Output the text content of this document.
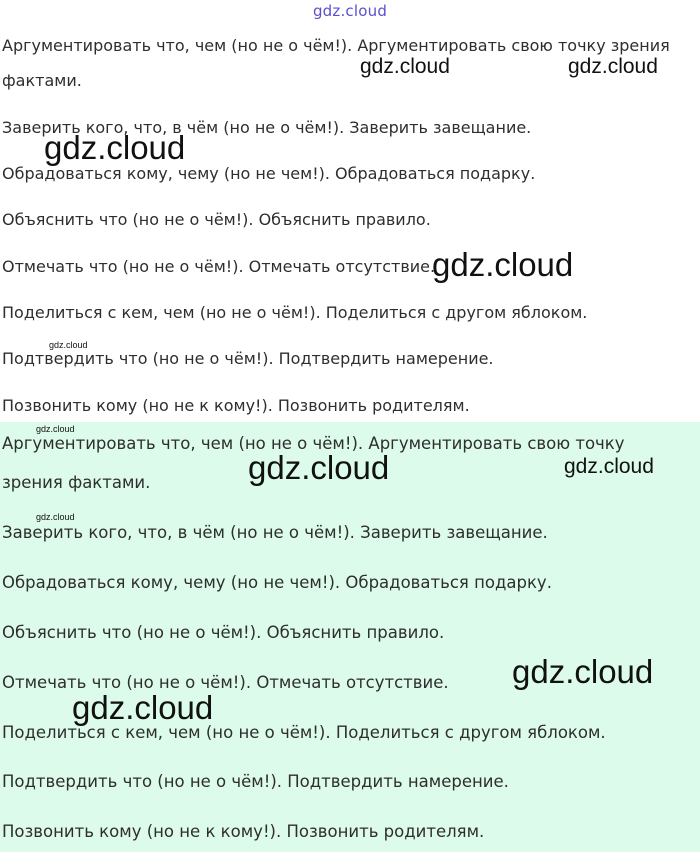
Аргументировать что, чем (но не о чём!). Аргументировать свою точку зрения
фактами.
Заверить кого, что, в чём (но не о чём!). Заверить завещание.
Обрадоваться кому, чему (но не чем!). Обрадоваться подарку.
Объяснить что (но не о чём!). Объяснить правило.
Отмечать что (но не о чём!). Отмечать отсутствие.
Поделиться с кем, чем (но не о чём!). Поделиться с другом яблоком.
Подтвердить что (но не о чём!). Подтвердить намерение.
Позвонить кому (но не к кому!). Позвонить родителям.
Аргументировать что, чем (но не о чём!). Аргументировать свою точку
зрения фактами.
Заверить кого, что, в чём (но не о чём!). Заверить завещание.
Обрадоваться кому, чему (но не чем!). Обрадоваться подарку.
Объяснить что (но не о чём!). Объяснить правило.
Отмечать что (но не о чём!). Отмечать отсутствие.
Поделиться с кем, чем (но не о чём!). Поделиться с другом яблоком.
Подтвердить что (но не о чём!). Подтвердить намерение.
Позвонить кому (но не к кому!). Позвонить родителям.
gdz.cloud
gdz.cloud	gdz.cloud
gdz.cloud
gdz.cloud
gdz.cloud
gdz.cloud
gdz.cloud	gdz.cloud
gdz.cloud
gdz.cloud
gdz.cloud
